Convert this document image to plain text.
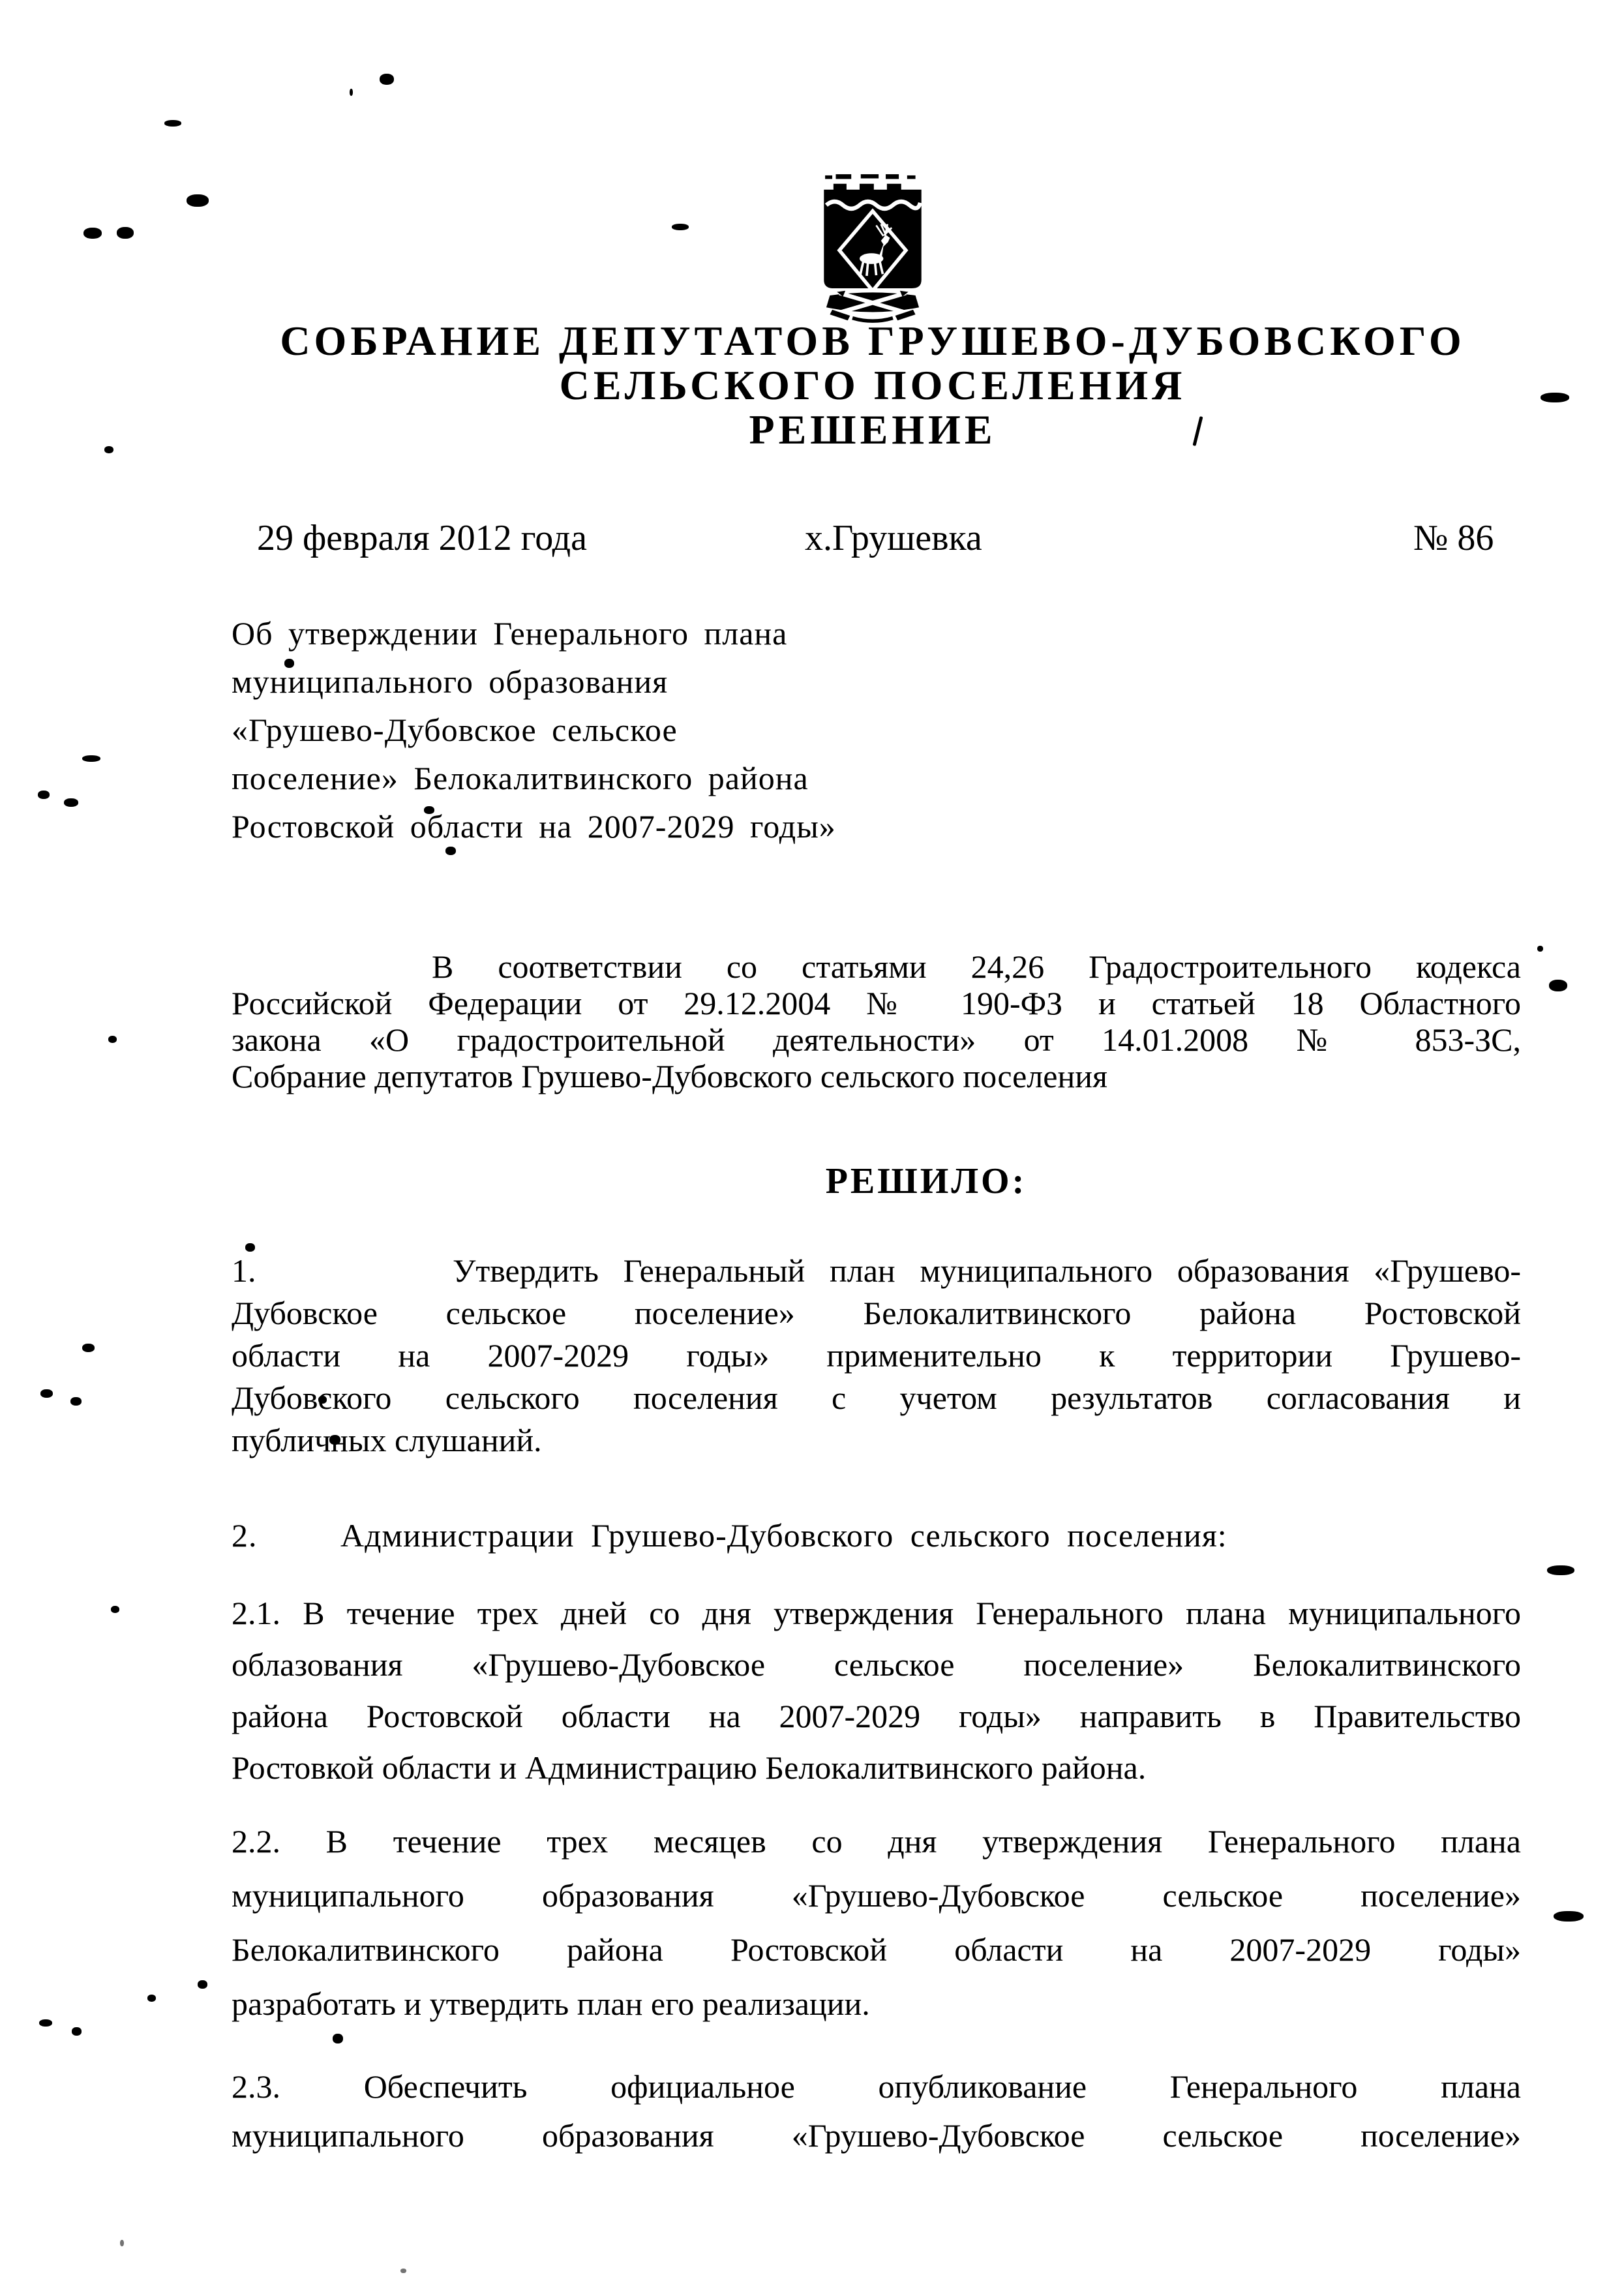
СОБРАНИЕ ДЕПУТАТОВ ГРУШЕВО-ДУБОВСКОГО
СЕЛЬСКОГО ПОСЕЛЕНИЯ
РЕШЕНИЕ
29 февраля 2012 года	х.Грушевка	№ 86
Об утверждении Генерального плана
муниципального образования
«Грушево-Дубовское сельское
поселение» Белокалитвинского района
Ростовской области на 2007-2029 годы»
В соответствии со статьями 24,26 Градостроительного кодекса
Российской Федерации от 29.12.2004 № 190-ФЗ и статьей 18 Областного
закона «О градостроительной деятельности» от 14.01.2008 № 853-ЗС,
Собрание депутатов Грушево-Дубовского сельского поселения
РЕШИЛО:
1.        Утвердить Генеральный план муниципального образования «Грушево-
Дубовское сельское поселение» Белокалитвинского района Ростовской
области на 2007-2029 годы» применительно к территории Грушево-
Дубовского сельского поселения с учетом результатов согласования и
публичных слушаний.
2.     Администрации Грушево-Дубовского сельского поселения:
2.1. В течение трех дней со дня утверждения Генерального плана муниципального
облазования «Грушево-Дубовское сельское поселение» Белокалитвинского
района Ростовской области на 2007-2029 годы» направить в Правительство
Ростовкой области и Администрацию Белокалитвинского района.
2.2. В течение трех месяцев со дня утверждения Генерального плана
муниципального образования «Грушево-Дубовское сельское поселение»
Белокалитвинского района Ростовской области на 2007-2029 годы»
разработать и утвердить план его реализации.
2.3. Обеспечить официальное опубликование Генерального плана
муниципального образования «Грушево-Дубовское сельское поселение»
